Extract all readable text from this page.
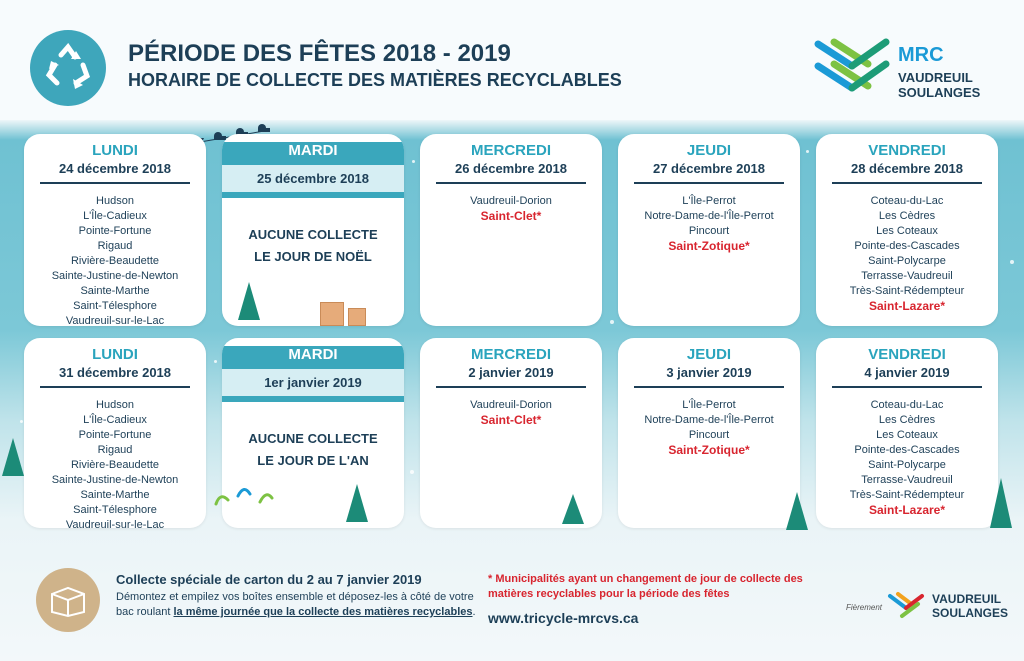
PÉRIODE DES FÊTES 2018 - 2019
HORAIRE DE COLLECTE DES MATIÈRES RECYCLABLES
MRC
VAUDREUIL
SOULANGES
LUNDI
24 décembre 2018
Hudson
L'Île-Cadieux
Pointe-Fortune
Rigaud
Rivière-Beaudette
Sainte-Justine-de-Newton
Sainte-Marthe
Saint-Télesphore
Vaudreuil-sur-le-Lac
MARDI
25 décembre 2018
AUCUNE COLLECTE
LE JOUR DE NOËL
MERCREDI
26 décembre 2018
Vaudreuil-Dorion
Saint-Clet*
JEUDI
27 décembre 2018
L'Île-Perrot
Notre-Dame-de-l'Île-Perrot
Pincourt
Saint-Zotique*
VENDREDI
28 décembre 2018
Coteau-du-Lac
Les Cèdres
Les Coteaux
Pointe-des-Cascades
Saint-Polycarpe
Terrasse-Vaudreuil
Très-Saint-Rédempteur
Saint-Lazare*
LUNDI
31 décembre 2018
Hudson
L'Île-Cadieux
Pointe-Fortune
Rigaud
Rivière-Beaudette
Sainte-Justine-de-Newton
Sainte-Marthe
Saint-Télesphore
Vaudreuil-sur-le-Lac
MARDI
1er janvier 2019
AUCUNE COLLECTE
LE JOUR DE L'AN
MERCREDI
2 janvier 2019
Vaudreuil-Dorion
Saint-Clet*
JEUDI
3 janvier 2019
L'Île-Perrot
Notre-Dame-de-l'Île-Perrot
Pincourt
Saint-Zotique*
VENDREDI
4 janvier 2019
Coteau-du-Lac
Les Cèdres
Les Coteaux
Pointe-des-Cascades
Saint-Polycarpe
Terrasse-Vaudreuil
Très-Saint-Rédempteur
Saint-Lazare*
Collecte spéciale de carton du 2 au 7 janvier 2019
Démontez et empilez vos boîtes ensemble et déposez-les à côté de votre bac roulant la même journée que la collecte des matières recyclables.
* Municipalités ayant un changement de jour de collecte des matières recyclables pour la période des fêtes
www.tricycle-mrcvs.ca
Fièrement
VAUDREUIL
SOULANGES
